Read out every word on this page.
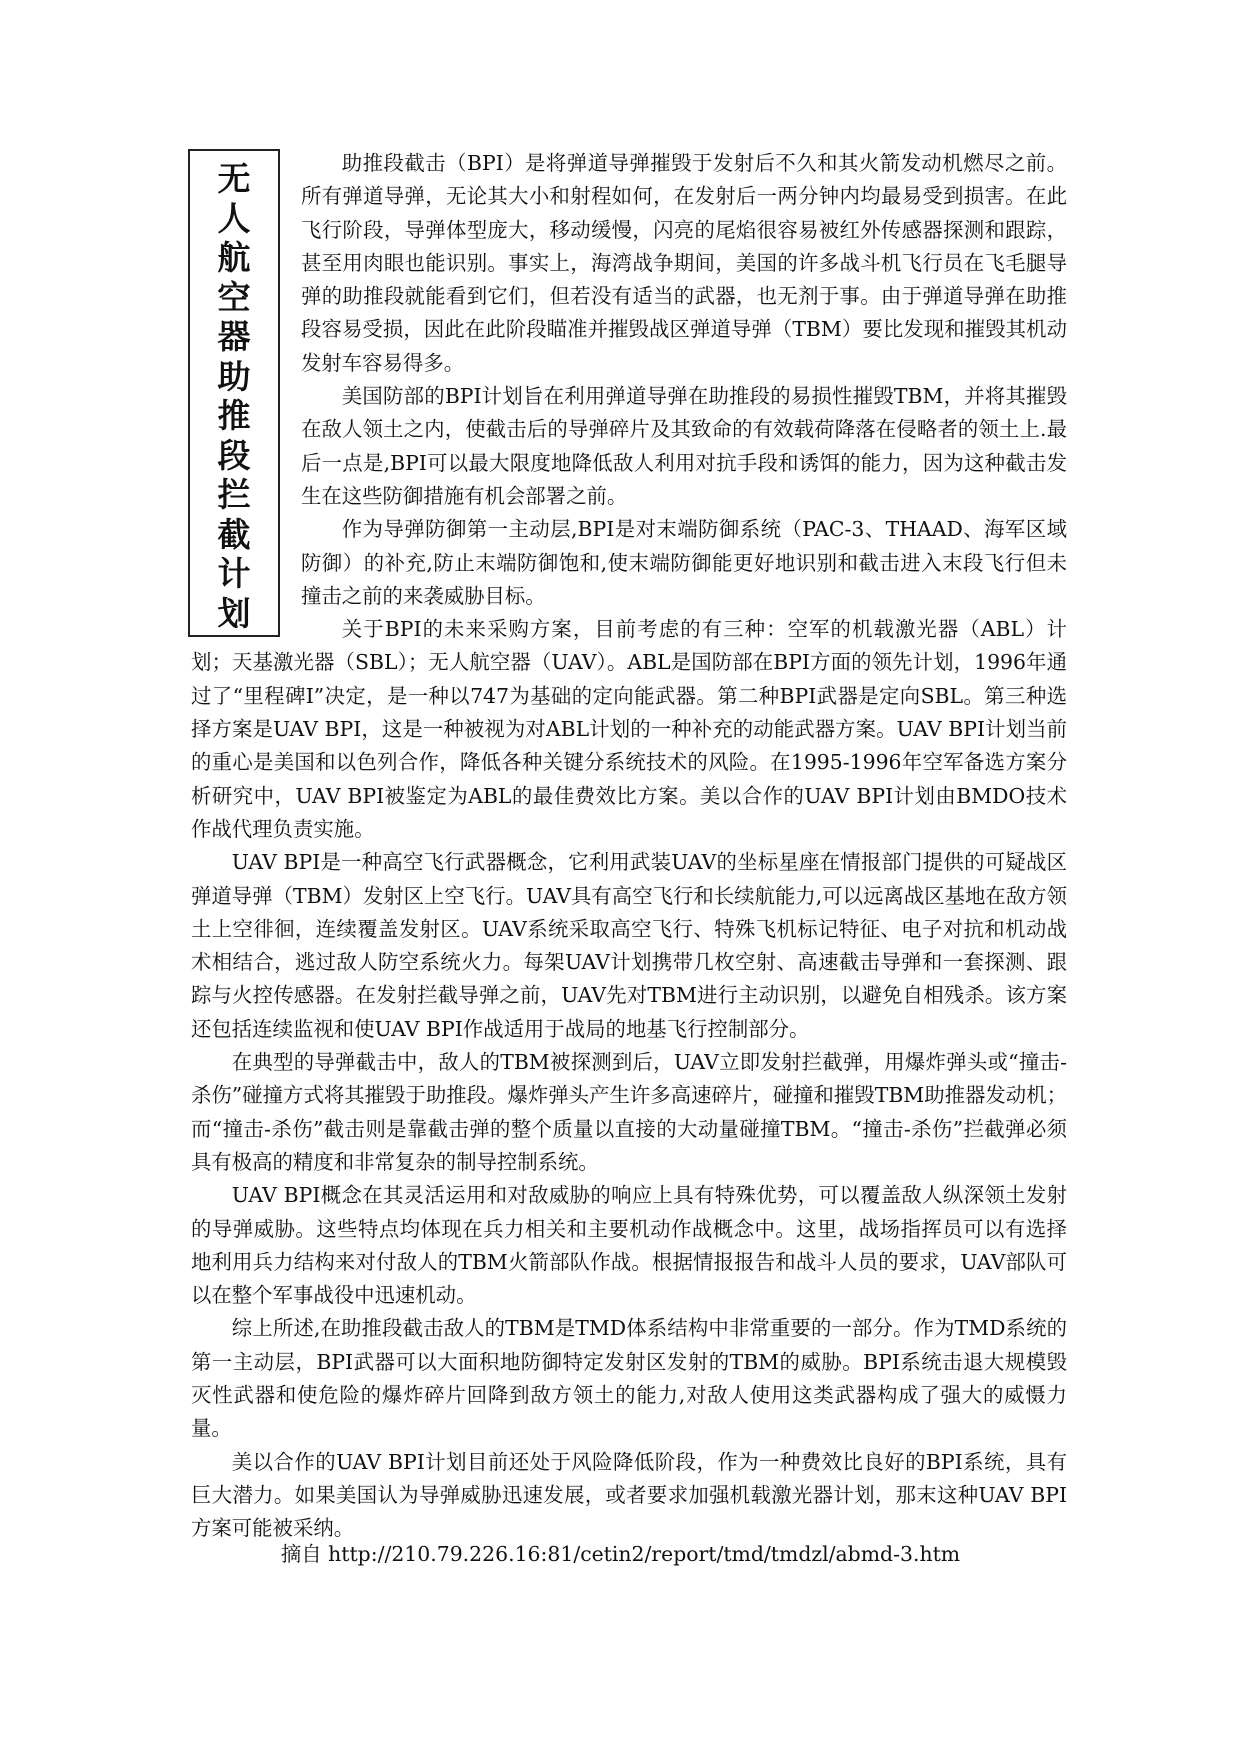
无
人
航
空
器
助
推
段
拦
截
计
划

助推段截击（BPI）是将弹道导弹摧毁于发射后不久和其火箭发动机燃尽之前。所有弹道导弹，无论其大小和射程如何，在发射后一两分钟内均最易受到损害。在此飞行阶段，导弹体型庞大，移动缓慢，闪亮的尾焰很容易被红外传感器探测和跟踪，甚至用肉眼也能识别。事实上，海湾战争期间，美国的许多战斗机飞行员在飞毛腿导弹的助推段就能看到它们，但若没有适当的武器，也无剂于事。由于弹道导弹在助推段容易受损，因此在此阶段瞄准并摧毁战区弹道导弹（TBM）要比发现和摧毁其机动发射车容易得多。

美国防部的BPI计划旨在利用弹道导弹在助推段的易损性摧毁TBM，并将其摧毁在敌人领土之内，使截击后的导弹碎片及其致命的有效载荷降落在侵略者的领土上.最后一点是,BPI可以最大限度地降低敌人利用对抗手段和诱饵的能力，因为这种截击发生在这些防御措施有机会部署之前。

作为导弹防御第一主动层,BPI是对末端防御系统（PAC-3、THAAD、海军区域防御）的补充,防止末端防御饱和,使末端防御能更好地识别和截击进入末段飞行但未撞击之前的来袭威胁目标。

关于BPI的未来采购方案，目前考虑的有三种：空军的机载激光器（ABL）计划；天基激光器（SBL）；无人航空器（UAV）。ABL是国防部在BPI方面的领先计划，1996年通过了“里程碑I”决定，是一种以747为基础的定向能武器。第二种BPI武器是定向SBL。第三种选择方案是UAV BPI，这是一种被视为对ABL计划的一种补充的动能武器方案。UAV BPI计划当前的重心是美国和以色列合作，降低各种关键分系统技术的风险。在1995-1996年空军备选方案分析研究中，UAV BPI被鉴定为ABL的最佳费效比方案。美以合作的UAV BPI计划由BMDO技术作战代理负责实施。

UAV BPI是一种高空飞行武器概念，它利用武装UAV的坐标星座在情报部门提供的可疑战区弹道导弹（TBM）发射区上空飞行。UAV具有高空飞行和长续航能力,可以远离战区基地在敌方领土上空徘徊，连续覆盖发射区。UAV系统采取高空飞行、特殊飞机标记特征、电子对抗和机动战术相结合，逃过敌人防空系统火力。每架UAV计划携带几枚空射、高速截击导弹和一套探测、跟踪与火控传感器。在发射拦截导弹之前，UAV先对TBM进行主动识别，以避免自相残杀。该方案还包括连续监视和使UAV BPI作战适用于战局的地基飞行控制部分。

在典型的导弹截击中，敌人的TBM被探测到后，UAV立即发射拦截弹，用爆炸弹头或“撞击-杀伤”碰撞方式将其摧毁于助推段。爆炸弹头产生许多高速碎片，碰撞和摧毁TBM助推器发动机；而“撞击-杀伤”截击则是靠截击弹的整个质量以直接的大动量碰撞TBM。“撞击-杀伤”拦截弹必须具有极高的精度和非常复杂的制导控制系统。

UAV BPI概念在其灵活运用和对敌威胁的响应上具有特殊优势，可以覆盖敌人纵深领土发射的导弹威胁。这些特点均体现在兵力相关和主要机动作战概念中。这里，战场指挥员可以有选择地利用兵力结构来对付敌人的TBM火箭部队作战。根据情报报告和战斗人员的要求，UAV部队可以在整个军事战役中迅速机动。

综上所述,在助推段截击敌人的TBM是TMD体系结构中非常重要的一部分。作为TMD系统的第一主动层，BPI武器可以大面积地防御特定发射区发射的TBM的威胁。BPI系统击退大规模毁灭性武器和使危险的爆炸碎片回降到敌方领土的能力,对敌人使用这类武器构成了强大的威慑力量。

美以合作的UAV BPI计划目前还处于风险降低阶段，作为一种费效比良好的BPI系统，具有巨大潜力。如果美国认为导弹威胁迅速发展，或者要求加强机载激光器计划，那末这种UAV BPI方案可能被采纳。

摘自 http://210.79.226.16:81/cetin2/report/tmd/tmdzl/abmd-3.htm
